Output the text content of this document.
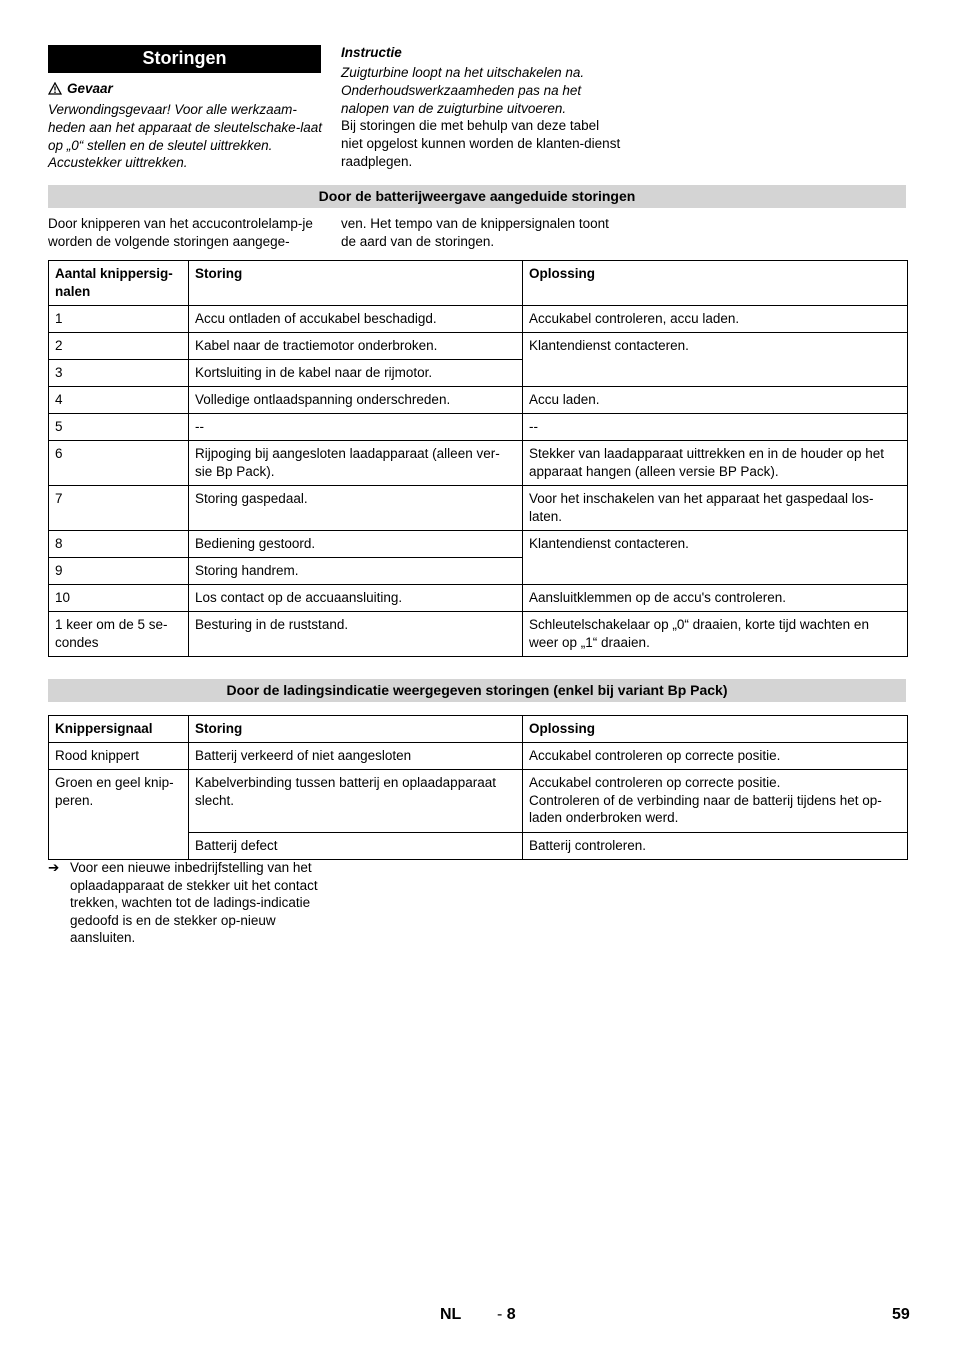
Storingen
Gevaar
Verwondingsgevaar! Voor alle werkzaam-heden aan het apparaat de sleutelschake-laat op „0“ stellen en de sleutel uittrekken. Accustekker uittrekken.
Instructie
Zuigturbine loopt na het uitschakelen na. Onderhoudswerkzaamheden pas na het nalopen van de zuigturbine uitvoeren.
Bij storingen die met behulp van deze tabel niet opgelost kunnen worden de klanten-dienst raadplegen.
Door de batterijweergave aangeduide storingen
Door knipperen van het accucontrolelamp-je worden de volgende storingen aangege-
ven. Het tempo van de knippersignalen toont de aard van de storingen.
Aantal knippersig-nalen	Storing	Oplossing
1	Accu ontladen of accukabel beschadigd.	Accukabel controleren, accu laden.
2	Kabel naar de tractiemotor onderbroken.	Klantendienst contacteren.
3	Kortsluiting in de kabel naar de rijmotor.	
4	Volledige ontlaadspanning onderschreden.	Accu laden.
5	--	--
6	Rijpoging bij aangesloten laadapparaat (alleen ver-sie Bp Pack).	Stekker van laadapparaat uittrekken en in de houder op het apparaat hangen (alleen versie BP Pack).
7	Storing gaspedaal.	Voor het inschakelen van het apparaat het gaspedaal los-laten.
8	Bediening gestoord.	Klantendienst contacteren.
9	Storing handrem.	
10	Los contact op de accuaansluiting.	Aansluitklemmen op de accu's controleren.
1 keer om de 5 se-condes	Besturing in de ruststand.	Schleutelschakelaar op „0“ draaien, korte tijd wachten en weer op „1“ draaien.
Door de ladingsindicatie weergegeven storingen (enkel bij variant Bp Pack)
Knippersignaal	Storing	Oplossing
Rood knippert	Batterij verkeerd of niet aangesloten	Accukabel controleren op correcte positie.
Groen en geel knip-peren.	Kabelverbinding tussen batterij en oplaadapparaat slecht.	Accukabel controleren op correcte positie.
Controleren of de verbinding naar de batterij tijdens het op-laden onderbroken werd.
	Batterij defect	Batterij controleren.
➔ Voor een nieuwe inbedrijfstelling van het oplaadapparaat de stekker uit het contact trekken, wachten tot de ladings-indicatie gedoofd is en de stekker op-nieuw aansluiten.
NL - 8	59
